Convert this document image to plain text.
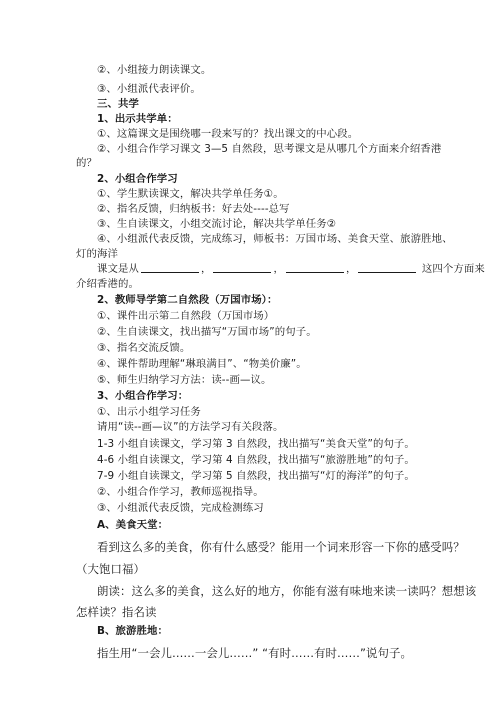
②、小组接力朗读课文。
③、小组派代表评价。
三、共学
1、出示共学单：
①、这篇课文是围绕哪一段来写的？找出课文的中心段。
②、小组合作学习课文 3—5 自然段，思考课文是从哪几个方面来介绍香港
的？
2、小组合作学习
①、学生默读课文，解决共学单任务①。
②、指名反馈，归纳板书：好去处----总写
③、生自读课文，小组交流讨论，解决共学单任务②
④、小组派代表反馈，完成练习，师板书：万国市场、美食天堂、旅游胜地、
灯的海洋
课文是从	，	，	，	这四个方面来
介绍香港的。
2、教师导学第二自然段（万国市场）：
①、课件出示第二自然段（万国市场）
②、生自读课文，找出描写“万国市场”的句子。
③、指名交流反馈。
④、课件帮助理解“琳琅满目”、“物美价廉”。
⑤、师生归纳学习方法：读--画—议。
3、小组合作学习：
①、出示小组学习任务
请用“读--画—议”的方法学习有关段落。
1-3 小组自读课文，学习第 3 自然段，找出描写“美食天堂”的句子。
4-6 小组自读课文，学习第 4 自然段，找出描写“旅游胜地”的句子。
7-9 小组自读课文，学习第 5 自然段，找出描写“灯的海洋”的句子。
②、小组合作学习，教师巡视指导。
③、小组派代表反馈，完成检测练习
A、美食天堂：
看到这么多的美食，你有什么感受？能用一个词来形容一下你的感受吗？
（大饱口福）
朗读：这么多的美食，这么好的地方，你能有滋有味地来读一读吗？想想该
怎样读？指名读
B、旅游胜地：
指生用“一会儿……一会儿……” “有时……有时……”说句子。
